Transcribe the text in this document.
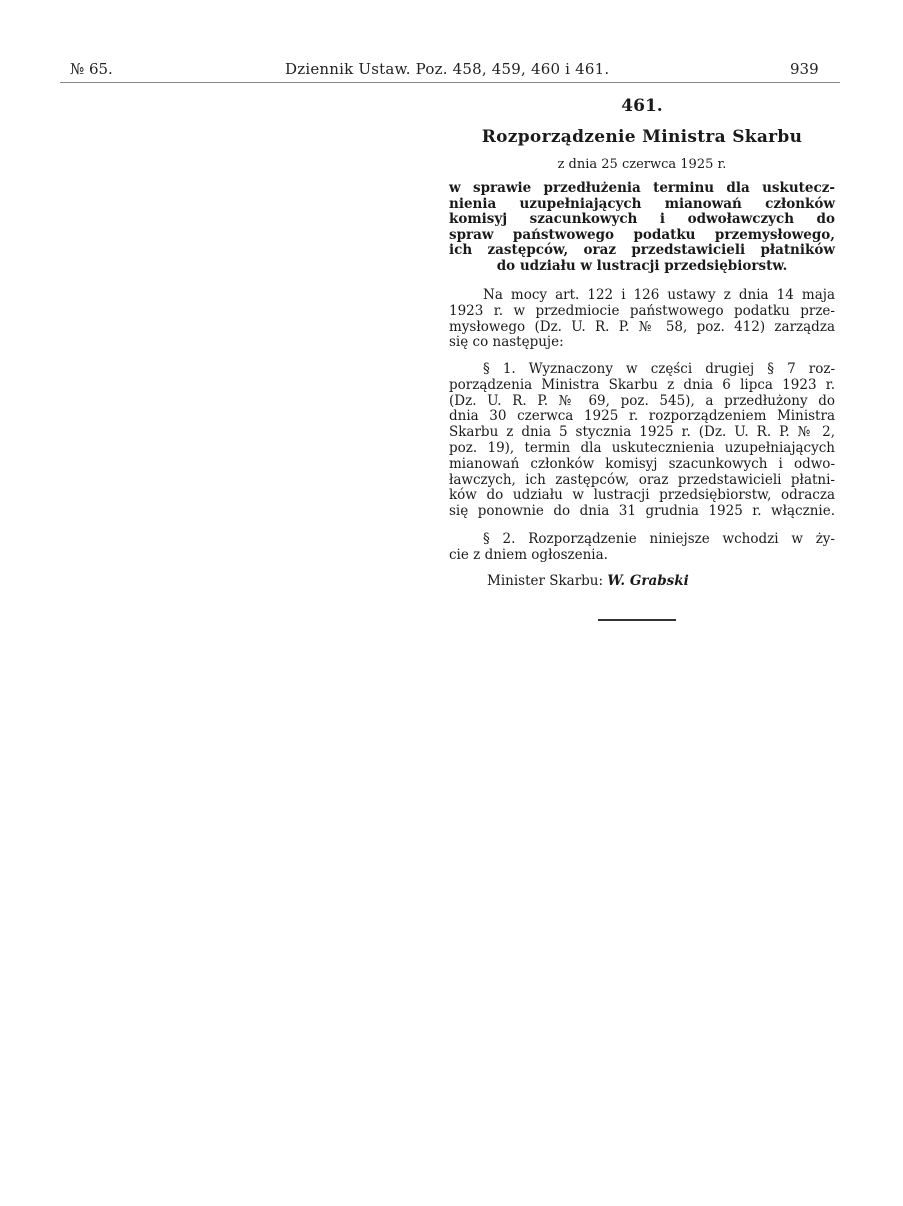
№ 65.	Dziennik Ustaw. Poz. 458, 459, 460 i 461.	939
461.
Rozporządzenie Ministra Skarbu
z dnia 25 czerwca 1925 r.
w sprawie przedłużenia terminu dla uskutecz-
nienia uzupełniających mianowań członków
komisyj szacunkowych i odwoławczych do
spraw państwowego podatku przemysłowego,
ich zastępców, oraz przedstawicieli płatników
do udziału w lustracji przedsiębiorstw.
Na mocy art. 122 i 126 ustawy z dnia 14 maja
1923 r. w przedmiocie państwowego podatku prze-
mysłowego (Dz. U. R. P. № 58, poz. 412) zarządza
się co następuje:
§ 1. Wyznaczony w części drugiej § 7 roz-
porządzenia Ministra Skarbu z dnia 6 lipca 1923 r.
(Dz. U. R. P. № 69, poz. 545), a przedłużony do
dnia 30 czerwca 1925 r. rozporządzeniem Ministra
Skarbu z dnia 5 stycznia 1925 r. (Dz. U. R. P. № 2,
poz. 19), termin dla uskutecznienia uzupełniających
mianowań członków komisyj szacunkowych i odwo-
ławczych, ich zastępców, oraz przedstawicieli płatni-
ków do udziału w lustracji przedsiębiorstw, odracza
się ponownie do dnia 31 grudnia 1925 r. włącznie.
§ 2. Rozporządzenie niniejsze wchodzi w ży-
cie z dniem ogłoszenia.
Minister Skarbu: W. Grabski
